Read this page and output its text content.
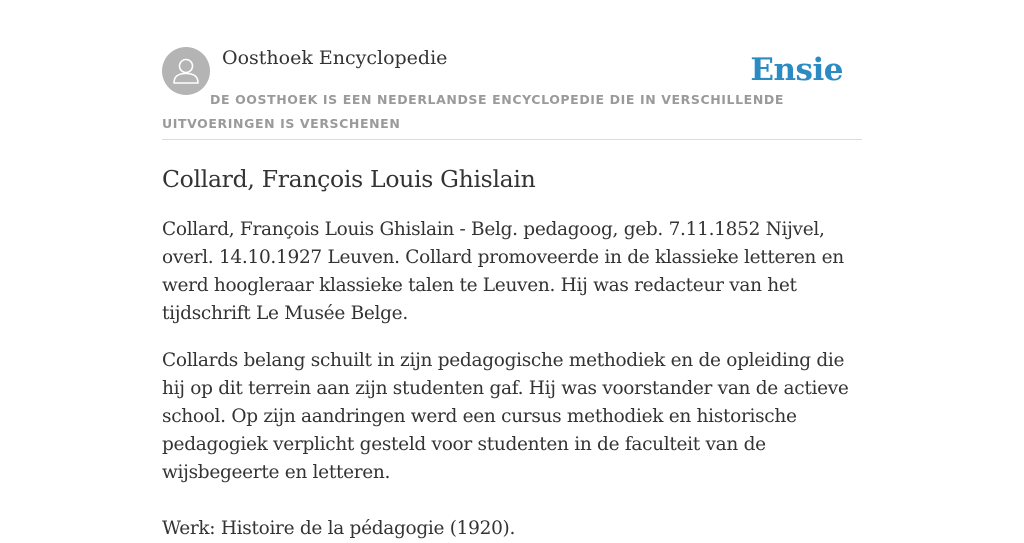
Oosthoek Encyclopedie	Ensie
DE OOSTHOEK IS EEN NEDERLANDSE ENCYCLOPEDIE DIE IN VERSCHILLENDE UITVOERINGEN IS VERSCHENEN
Collard, François Louis Ghislain

Collard, François Louis Ghislain - Belg. pedagoog, geb. 7.11.1852 Nijvel, overl. 14.10.1927 Leuven. Collard promoveerde in de klassieke letteren en werd hoogleraar klassieke talen te Leuven. Hij was redacteur van het tijdschrift Le Musée Belge.

Collards belang schuilt in zijn pedagogische methodiek en de opleiding die hij op dit terrein aan zijn studenten gaf. Hij was voorstander van de actieve school. Op zijn aandringen werd een cursus methodiek en historische pedagogiek verplicht gesteld voor studenten in de faculteit van de wijsbegeerte en letteren.

Werk: Histoire de la pédagogie (1920).
